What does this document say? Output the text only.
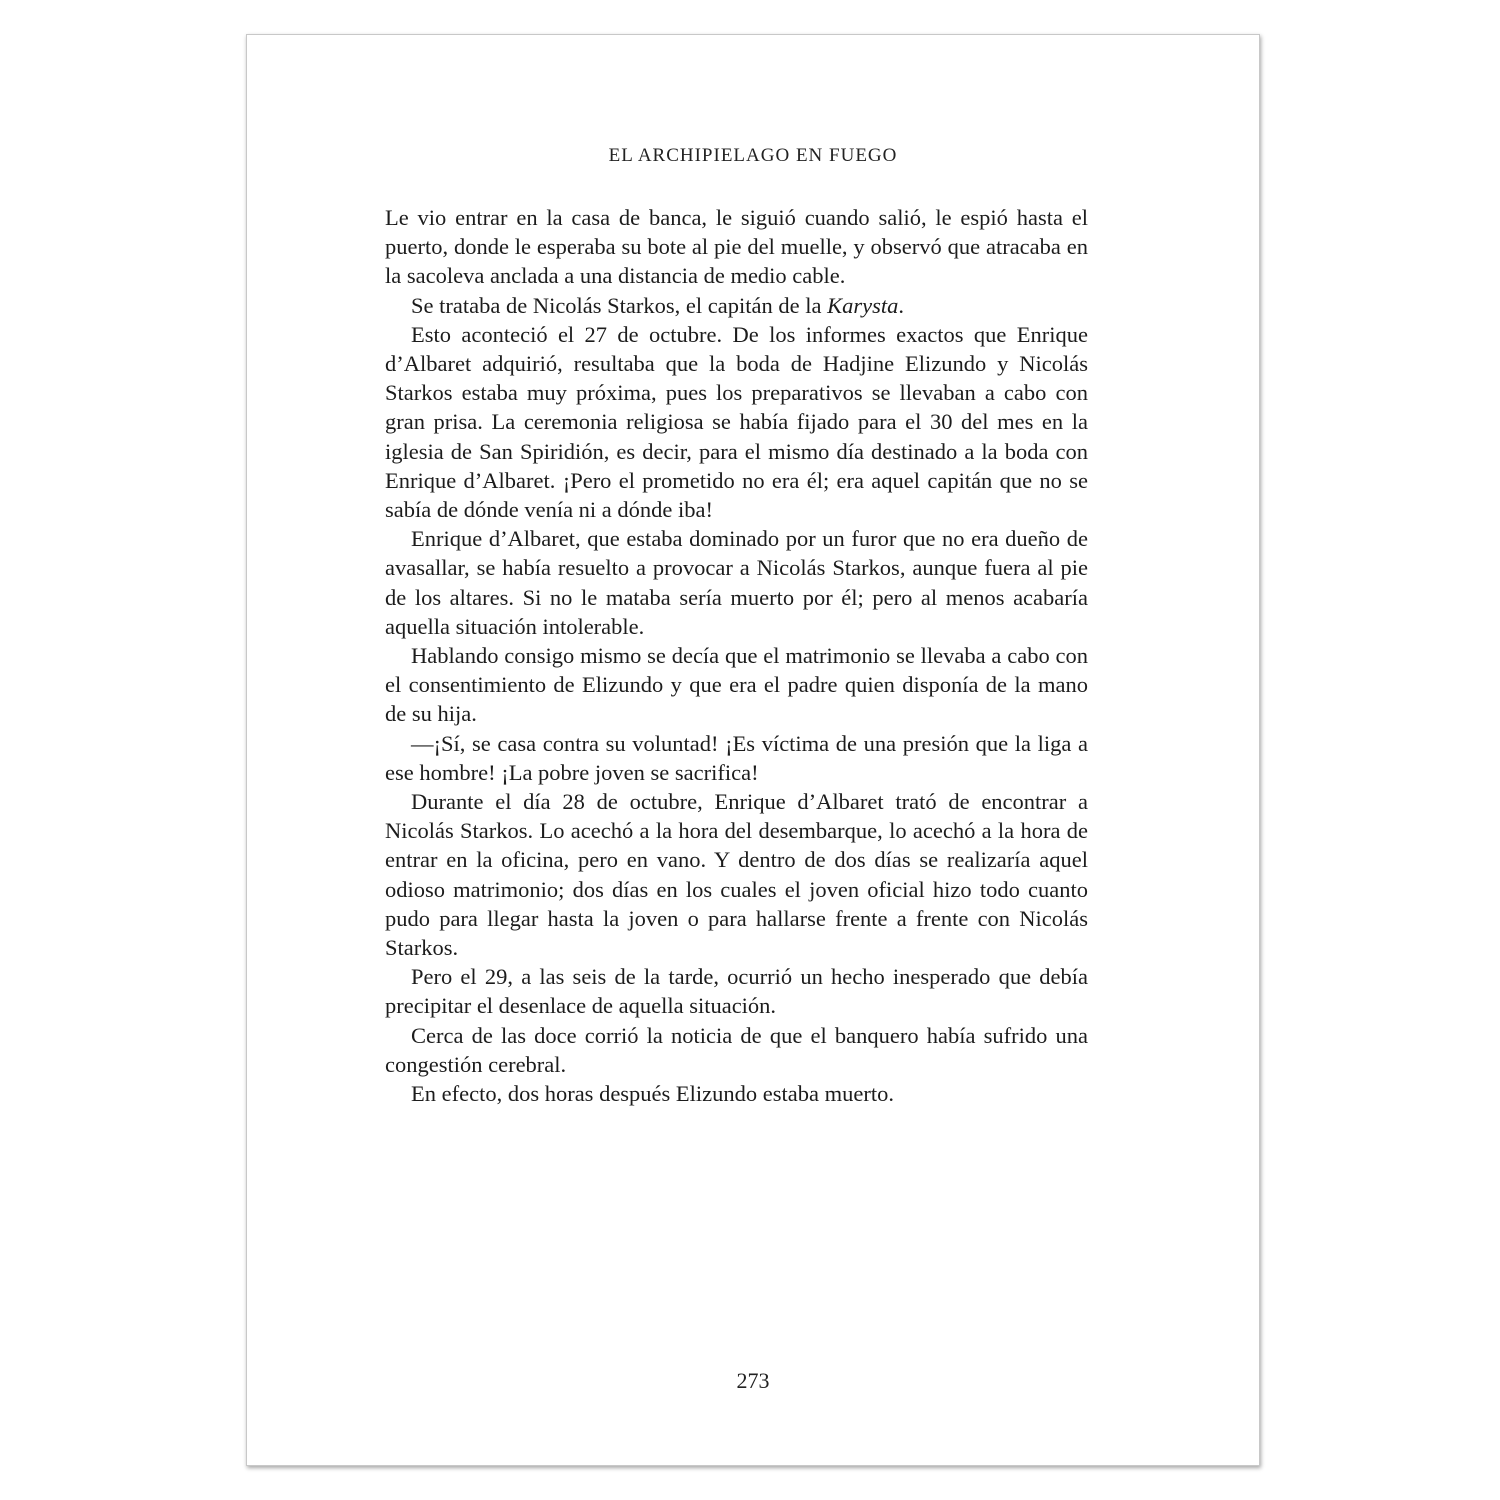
EL ARCHIPIELAGO EN FUEGO

Le vio entrar en la casa de banca, le siguió cuando salió, le espió hasta el puerto, donde le esperaba su bote al pie del muelle, y observó que atracaba en la sacoleva anclada a una distancia de medio cable.

Se trataba de Nicolás Starkos, el capitán de la Karysta.

Esto aconteció el 27 de octubre. De los informes exactos que Enrique d’Albaret adquirió, resultaba que la boda de Hadjine Elizundo y Nicolás Starkos estaba muy próxima, pues los preparativos se llevaban a cabo con gran prisa. La ceremonia religiosa se había fijado para el 30 del mes en la iglesia de San Spiridión, es decir, para el mismo día destinado a la boda con Enrique d’Albaret. ¡Pero el prometido no era él; era aquel capitán que no se sabía de dónde venía ni a dónde iba!

Enrique d’Albaret, que estaba dominado por un furor que no era dueño de avasallar, se había resuelto a provocar a Nicolás Starkos, aunque fuera al pie de los altares. Si no le mataba sería muerto por él; pero al menos acabaría aquella situación intolerable.

Hablando consigo mismo se decía que el matrimonio se llevaba a cabo con el consentimiento de Elizundo y que era el padre quien disponía de la mano de su hija.

—¡Sí, se casa contra su voluntad! ¡Es víctima de una presión que la liga a ese hombre! ¡La pobre joven se sacrifica!

Durante el día 28 de octubre, Enrique d’Albaret trató de encontrar a Nicolás Starkos. Lo acechó a la hora del desembarque, lo acechó a la hora de entrar en la oficina, pero en vano. Y dentro de dos días se realizaría aquel odioso matrimonio; dos días en los cuales el joven oficial hizo todo cuanto pudo para llegar hasta la joven o para hallarse frente a frente con Nicolás Starkos.

Pero el 29, a las seis de la tarde, ocurrió un hecho inesperado que debía precipitar el desenlace de aquella situación.

Cerca de las doce corrió la noticia de que el banquero había sufrido una congestión cerebral.

En efecto, dos horas después Elizundo estaba muerto.

273
